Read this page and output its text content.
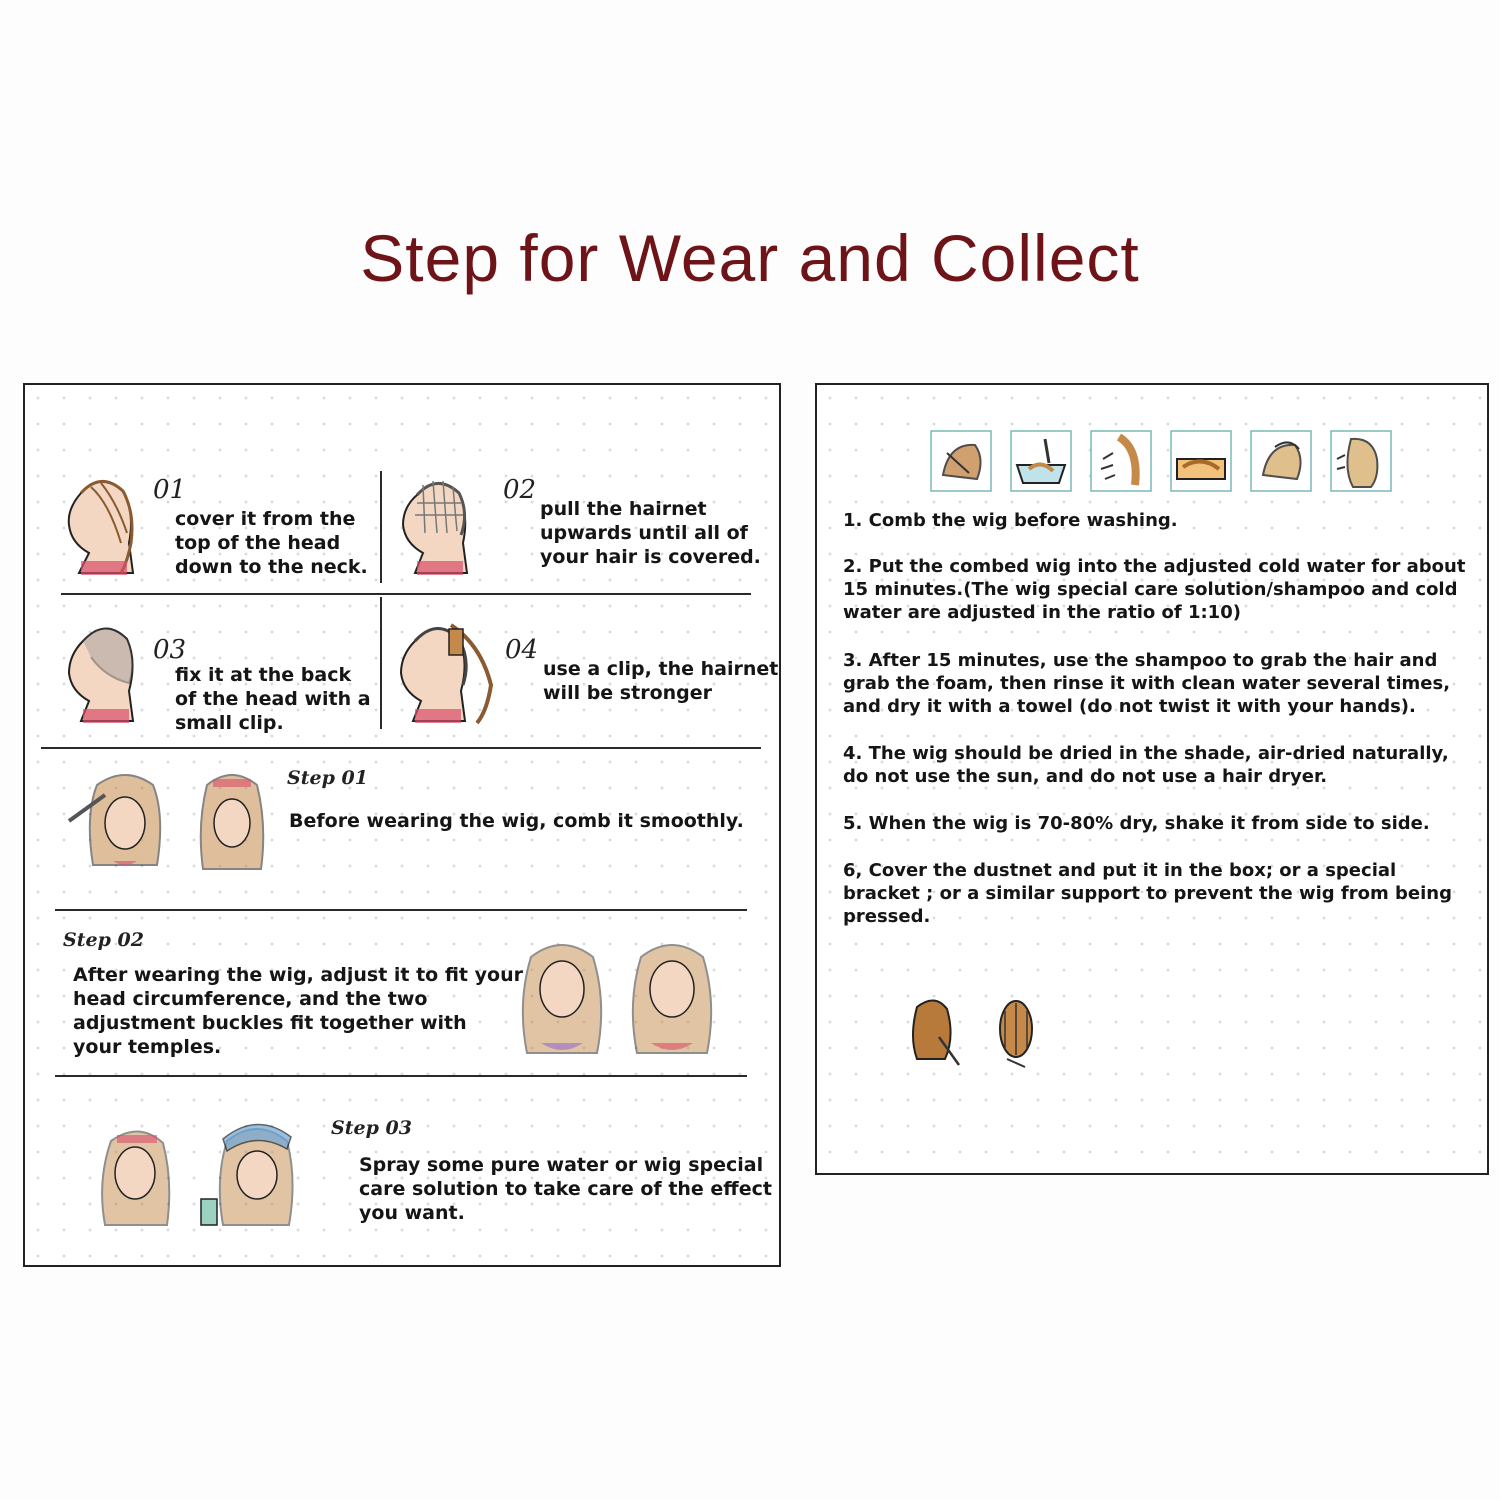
Step for Wear and Collect
01
cover it from the
top of the head
down to the neck.
02
pull the hairnet
upwards until all of
your hair is covered.
03
fix it at the back
of the head with a
small clip.
04
use a clip, the hairnet
will be stronger
Step 01
Before wearing the wig, comb it smoothly.
Step 02
After wearing the wig, adjust it to fit your
head circumference, and the two
adjustment buckles fit together with
your temples.
Step 03
Spray some pure water or wig special
care solution to take care of the effect
you want.
1. Comb the wig before washing.
2. Put the combed wig into the adjusted cold water for about 15 minutes.(The wig special care solution/shampoo and cold water are adjusted in the ratio of 1:10)
3. After 15 minutes, use the shampoo to grab the hair and grab the foam, then rinse it with clean water several times, and dry it with a towel (do not twist it with your hands).
4. The wig should be dried in the shade, air-dried naturally, do not use the sun, and do not use a hair dryer.
5. When the wig is 70-80% dry, shake it from side to side.
6, Cover the dustnet and put it in the box; or a special bracket ; or a similar support to prevent the wig from being pressed.
